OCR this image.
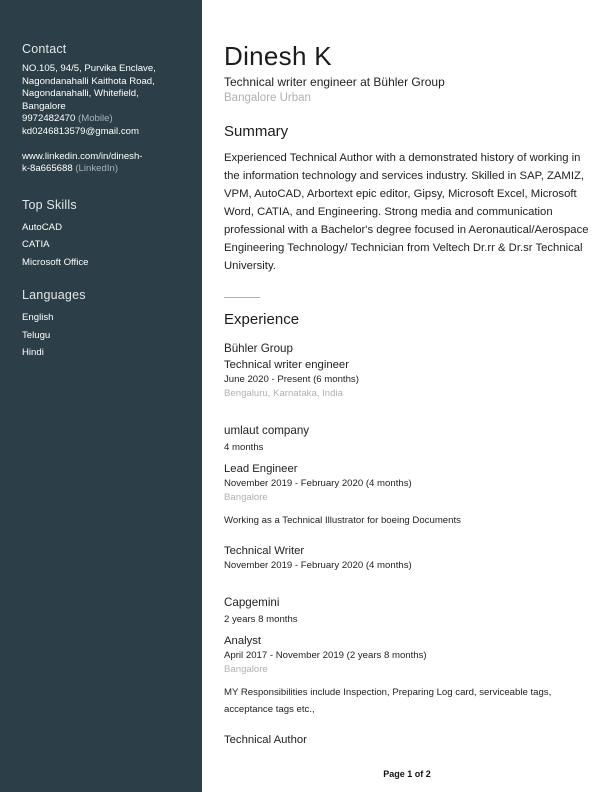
Contact
NO.105, 94/5, Purvika Enclave,
Nagondanahalli Kaithota Road,
Nagondanahalli, Whitefield,
Bangalore
9972482470 (Mobile)
kd0246813579@gmail.com
www.linkedin.com/in/dinesh-
k-8a665688 (LinkedIn)
Top Skills
AutoCAD
CATIA
Microsoft Office
Languages
English
Telugu
Hindi
Dinesh K
Technical writer engineer at Bühler Group
Bangalore Urban
Summary
Experienced Technical Author with a demonstrated history of working in the information technology and services industry. Skilled in SAP, ZAMIZ, VPM, AutoCAD, Arbortext epic editor, Gipsy, Microsoft Excel, Microsoft Word, CATIA, and Engineering. Strong media and communication professional with a Bachelor's degree focused in Aeronautical/Aerospace Engineering Technology/ Technician from Veltech Dr.rr & Dr.sr Technical University.
Experience
Bühler Group
Technical writer engineer
June 2020 - Present (6 months)
Bengaluru, Karnataka, India
umlaut company
4 months
Lead Engineer
November 2019 - February 2020 (4 months)
Bangalore
Working as a Technical Illustrator for boeing Documents
Technical Writer
November 2019 - February 2020 (4 months)
Capgemini
2 years 8 months
Analyst
April 2017 - November 2019 (2 years 8 months)
Bangalore
MY Responsibilities include Inspection, Preparing Log card, serviceable tags, acceptance tags etc.,
Technical Author
Page 1 of 2
